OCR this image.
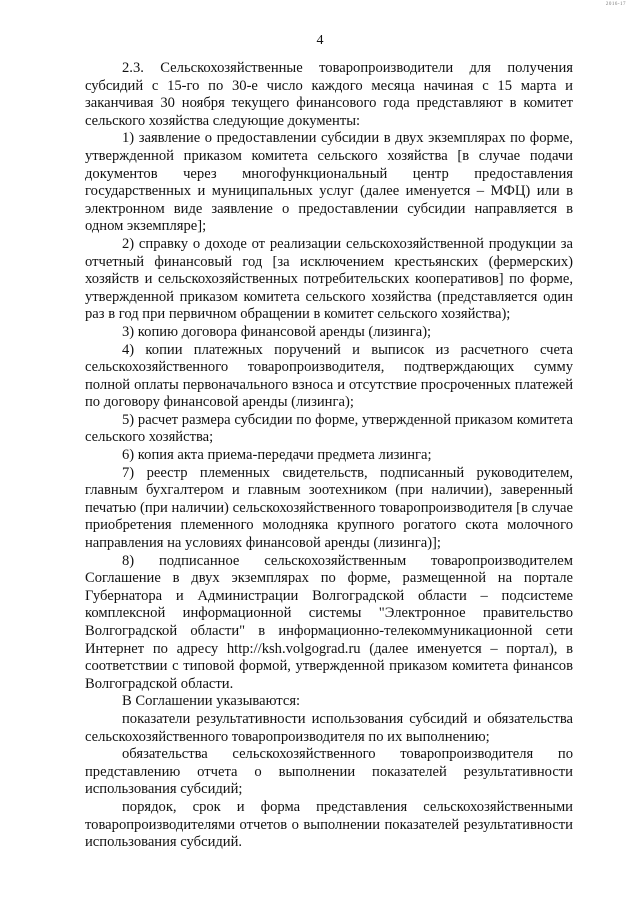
2016-17
4

2.3. Сельскохозяйственные товаропроизводители для получения субсидий с 15-го по 30-е число каждого месяца начиная с 15 марта и заканчивая 30 ноября текущего финансового года представляют в комитет сельского хозяйства следующие документы:

1) заявление о предоставлении субсидии в двух экземплярах по форме, утвержденной приказом комитета сельского хозяйства [в случае подачи документов через многофункциональный центр предоставления государственных и муниципальных услуг (далее именуется – МФЦ) или в электронном виде заявление о предоставлении субсидии направляется в одном экземпляре];

2) справку о доходе от реализации сельскохозяйственной продукции за отчетный финансовый год [за исключением крестьянских (фермерских) хозяйств и сельскохозяйственных потребительских кооперативов] по форме, утвержденной приказом комитета сельского хозяйства (представляется один раз в год при первичном обращении в комитет сельского хозяйства);

3) копию договора финансовой аренды (лизинга);

4) копии платежных поручений и выписок из расчетного счета сельскохозяйственного товаропроизводителя, подтверждающих сумму полной оплаты первоначального взноса и отсутствие просроченных платежей по договору финансовой аренды (лизинга);

5) расчет размера субсидии по форме, утвержденной приказом комитета сельского хозяйства;

6) копия акта приема-передачи предмета лизинга;

7) реестр племенных свидетельств, подписанный руководителем, главным бухгалтером и главным зоотехником (при наличии), заверенный печатью (при наличии) сельскохозяйственного товаропроизводителя [в случае приобретения племенного молодняка крупного рогатого скота молочного направления на условиях финансовой аренды (лизинга)];

8) подписанное сельскохозяйственным товаропроизводителем Соглашение в двух экземплярах по форме, размещенной на портале Губернатора и Администрации Волгоградской области – подсистеме комплексной информационной системы "Электронное правительство Волгоградской области" в информационно-телекоммуникационной сети Интернет по адресу http://ksh.volgograd.ru (далее именуется – портал), в соответствии с типовой формой, утвержденной приказом комитета финансов Волгоградской области.

В Соглашении указываются:

показатели результативности использования субсидий и обязательства сельскохозяйственного товаропроизводителя по их выполнению;

обязательства сельскохозяйственного товаропроизводителя по представлению отчета о выполнении показателей результативности использования субсидий;

порядок, срок и форма представления сельскохозяйственными товаропроизводителями отчетов о выполнении показателей результативности использования субсидий.
